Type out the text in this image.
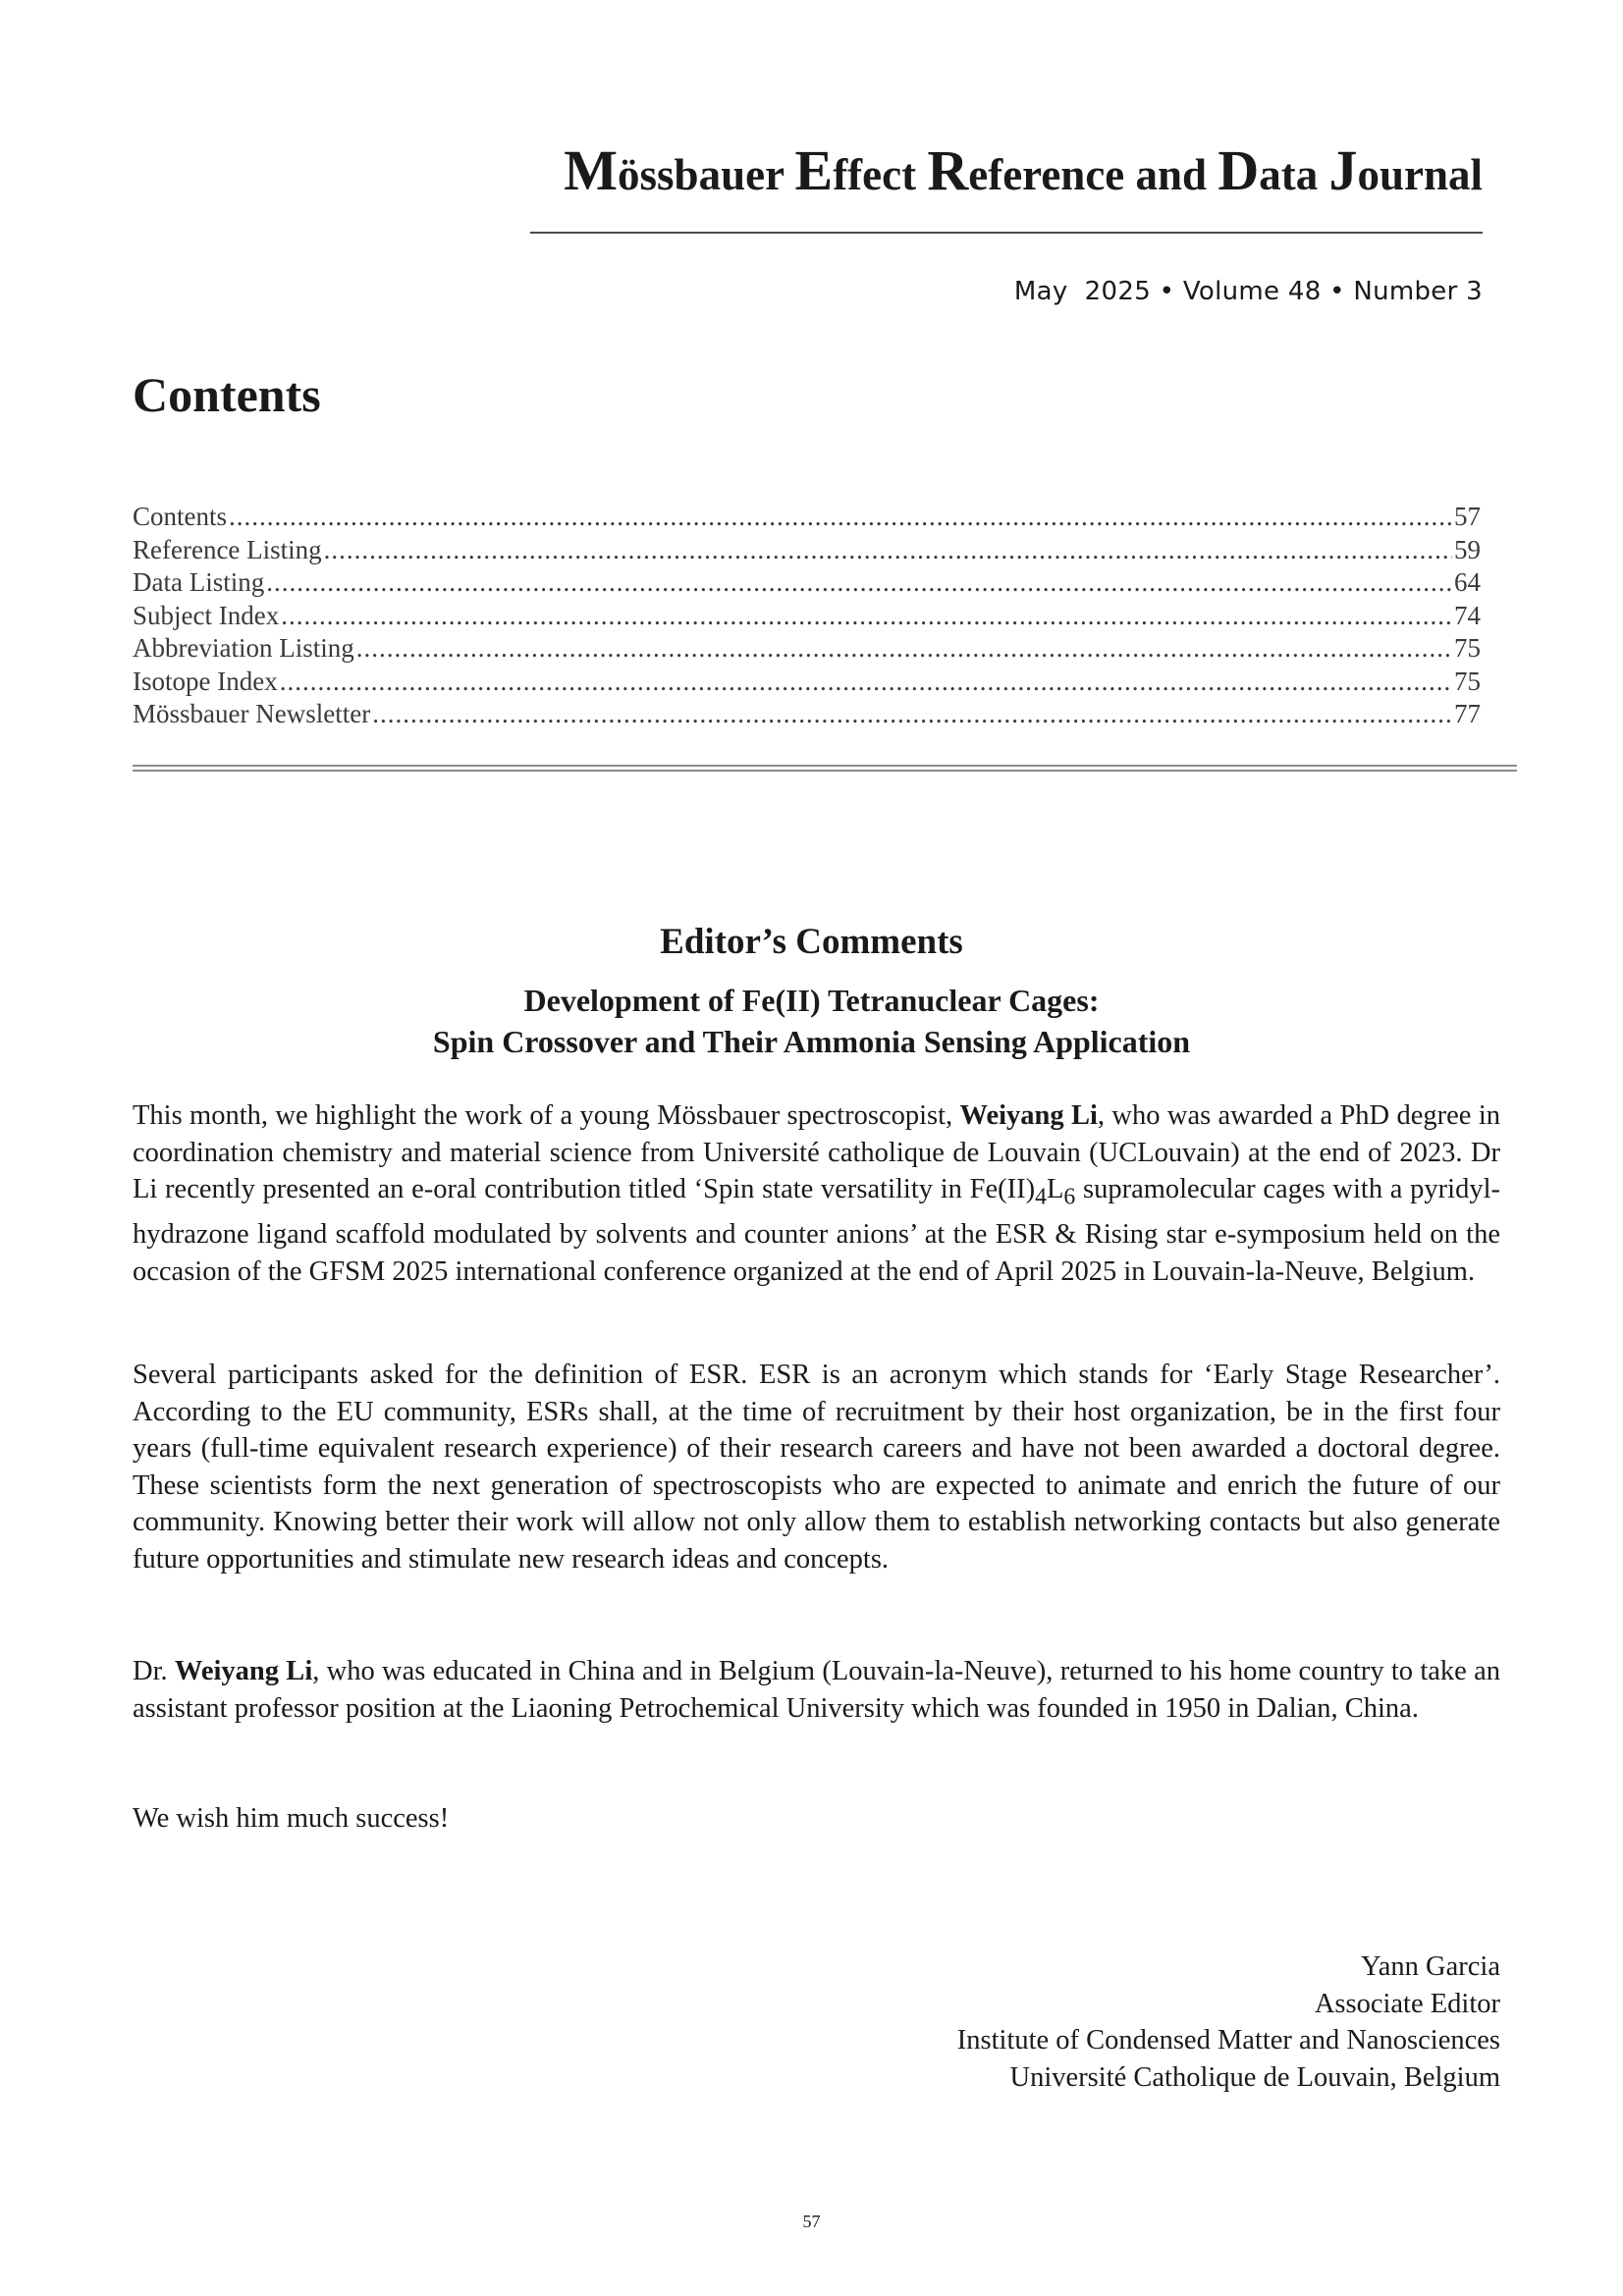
Mössbauer Effect Reference and Data Journal
May  2025 • Volume 48 • Number 3
Contents
Contents .....	57
Reference Listing .....	59
Data Listing .....	64
Subject Index .....	74
Abbreviation Listing .....	75
Isotope Index .....	75
Mössbauer Newsletter .....	77
Editor’s Comments
Development of Fe(II) Tetranuclear Cages:
Spin Crossover and Their Ammonia Sensing Application
This month, we highlight the work of a young Mössbauer spectroscopist, Weiyang Li, who was awarded a PhD degree in coordination chemistry and material science from Université catholique de Louvain (UCLouvain) at the end of 2023. Dr Li recently presented an e-oral contribution titled ‘Spin state versatility in $Fe(II)_4L_6$ supramolecular cages with a pyridyl-hydrazone ligand scaffold modulated by solvents and counter anions’ at the ESR & Rising star e-symposium held on the occasion of the GFSM 2025 international conference organized at the end of April 2025 in Louvain-la-Neuve, Belgium.
Several participants asked for the definition of ESR. ESR is an acronym which stands for ‘Early Stage Researcher’. According to the EU community, ESRs shall, at the time of recruitment by their host organization, be in the first four years (full-time equivalent research experience) of their research careers and have not been awarded a doctoral degree. These scientists form the next generation of spectroscopists who are expected to animate and enrich the future of our community. Knowing better their work will allow not only allow them to establish networking contacts but also generate future opportunities and stimulate new research ideas and concepts.
Dr. Weiyang Li, who was educated in China and in Belgium (Louvain-la-Neuve), returned to his home country to take an assistant professor position at the Liaoning Petrochemical University which was founded in 1950 in Dalian, China.
We wish him much success!
Yann Garcia
Associate Editor
Institute of Condensed Matter and Nanosciences
Université Catholique de Louvain, Belgium
57
